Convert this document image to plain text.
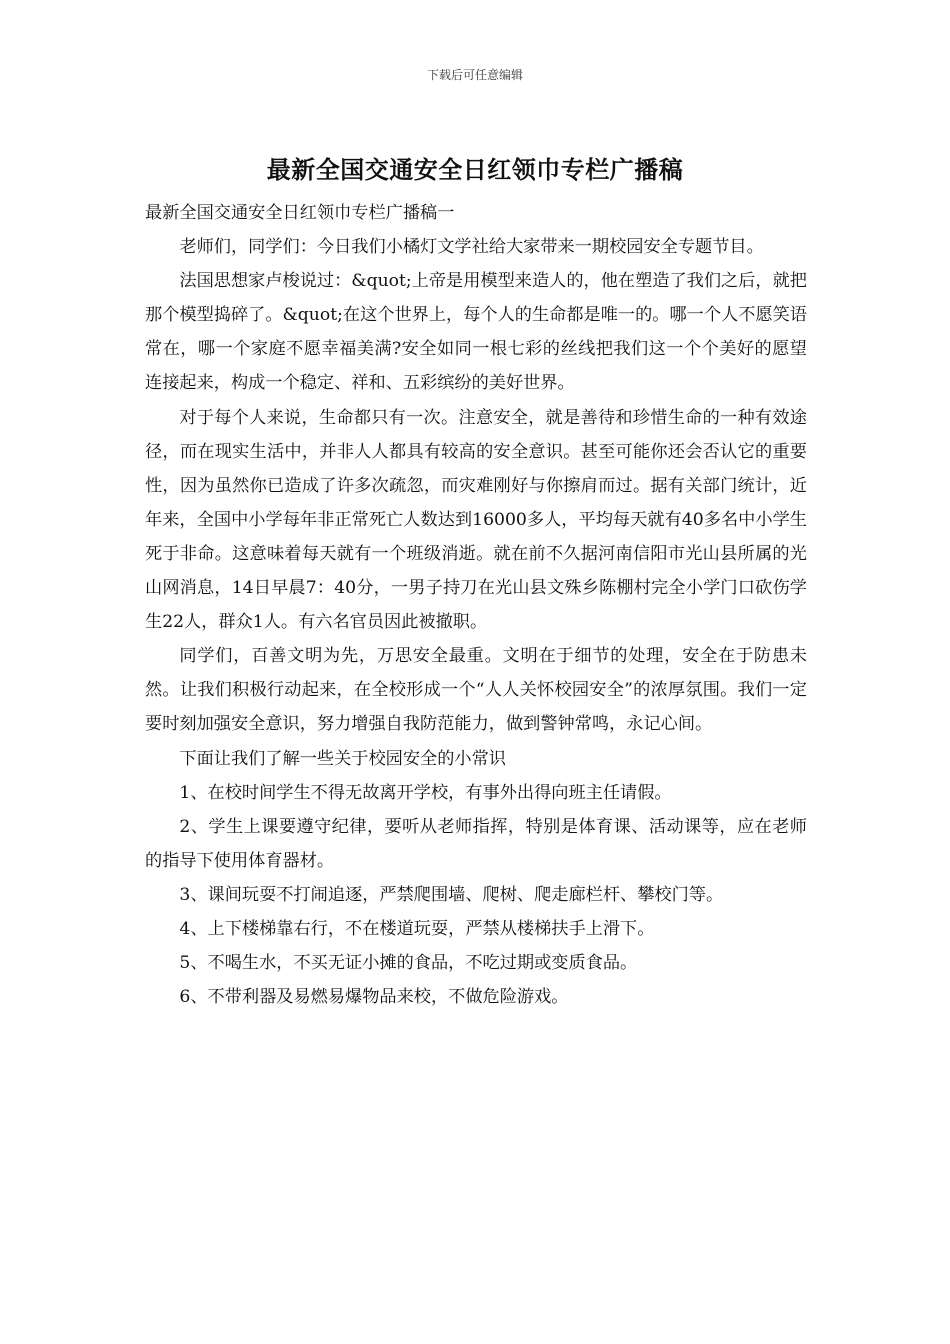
下载后可任意编辑
最新全国交通安全日红领巾专栏广播稿

最新全国交通安全日红领巾专栏广播稿一

老师们，同学们：今日我们小橘灯文学社给大家带来一期校园安全专题节目。

法国思想家卢梭说过：&quot;上帝是用模型来造人的，他在塑造了我们之后，就把那个模型捣碎了。&quot;在这个世界上，每个人的生命都是唯一的。哪一个人不愿笑语常在，哪一个家庭不愿幸福美满?安全如同一根七彩的丝线把我们这一个个美好的愿望连接起来，构成一个稳定、祥和、五彩缤纷的美好世界。

对于每个人来说，生命都只有一次。注意安全，就是善待和珍惜生命的一种有效途径，而在现实生活中，并非人人都具有较高的安全意识。甚至可能你还会否认它的重要性，因为虽然你已造成了许多次疏忽，而灾难刚好与你擦肩而过。据有关部门统计，近年来，全国中小学每年非正常死亡人数达到16000多人，平均每天就有40多名中小学生死于非命。这意味着每天就有一个班级消逝。就在前不久据河南信阳市光山县所属的光山网消息，14日早晨7：40分，一男子持刀在光山县文殊乡陈棚村完全小学门口砍伤学生22人，群众1人。有六名官员因此被撤职。

同学们，百善文明为先，万思安全最重。文明在于细节的处理，安全在于防患未然。让我们积极行动起来，在全校形成一个“人人关怀校园安全”的浓厚氛围。我们一定要时刻加强安全意识，努力增强自我防范能力，做到警钟常鸣，永记心间。

下面让我们了解一些关于校园安全的小常识

1、在校时间学生不得无故离开学校，有事外出得向班主任请假。

2、学生上课要遵守纪律，要听从老师指挥，特别是体育课、活动课等，应在老师的指导下使用体育器材。

3、课间玩耍不打闹追逐，严禁爬围墙、爬树、爬走廊栏杆、攀校门等。

4、上下楼梯靠右行，不在楼道玩耍，严禁从楼梯扶手上滑下。

5、不喝生水，不买无证小摊的食品，不吃过期或变质食品。

6、不带利器及易燃易爆物品来校，不做危险游戏。
